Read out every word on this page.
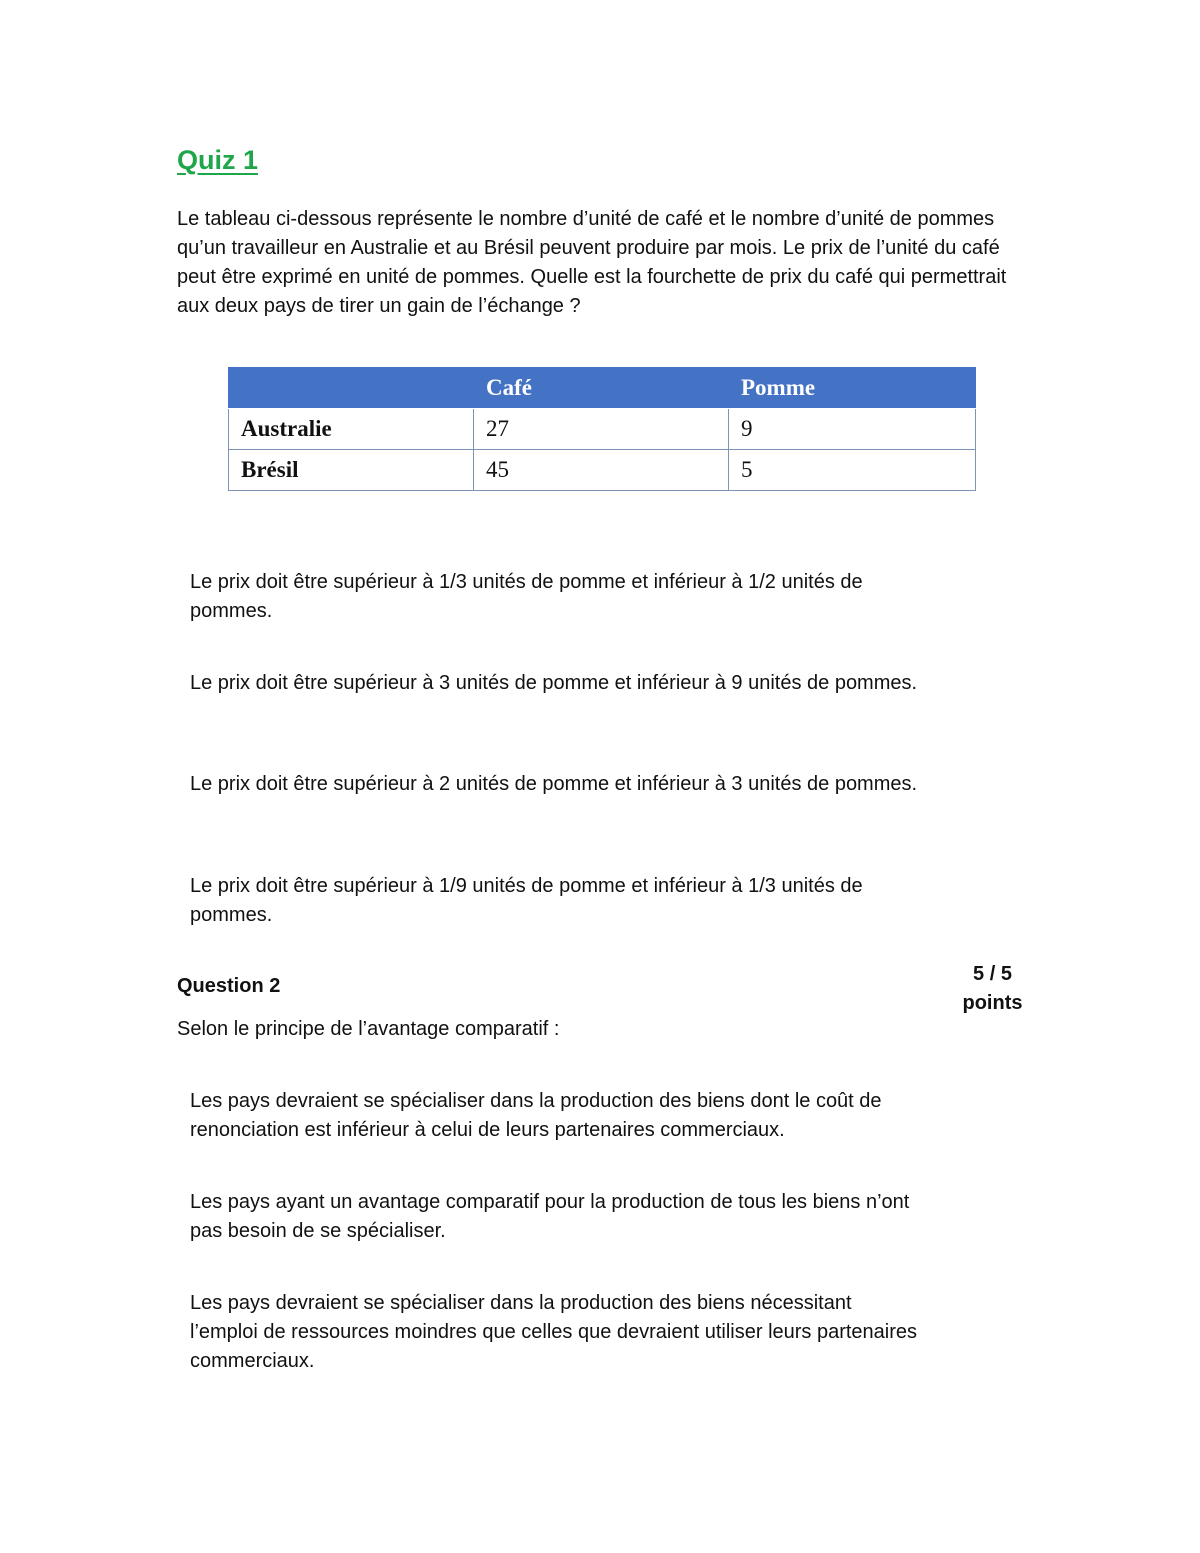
Quiz 1

Le tableau ci-dessous représente le nombre d’unité de café et le nombre d’unité de pommes qu’un travailleur en Australie et au Brésil peuvent produire par mois. Le prix de l’unité du café peut être exprimé en unité de pommes. Quelle est la fourchette de prix du café qui permettrait aux deux pays de tirer un gain de l’échange ?

	Café	Pomme
Australie	27	9
Brésil	45	5

Le prix doit être supérieur à 1/3 unités de pomme et inférieur à 1/2 unités de pommes.

Le prix doit être supérieur à 3 unités de pomme et inférieur à 9 unités de pommes.

Le prix doit être supérieur à 2 unités de pomme et inférieur à 3 unités de pommes.

Le prix doit être supérieur à 1/9 unités de pomme et inférieur à 1/3 unités de pommes.

Question 2
5 / 5
points

Selon le principe de l’avantage comparatif :

Les pays devraient se spécialiser dans la production des biens dont le coût de renonciation est inférieur à celui de leurs partenaires commerciaux.

Les pays ayant un avantage comparatif pour la production de tous les biens n’ont pas besoin de se spécialiser.

Les pays devraient se spécialiser dans la production des biens nécessitant l’emploi de ressources moindres que celles que devraient utiliser leurs partenaires commerciaux.
